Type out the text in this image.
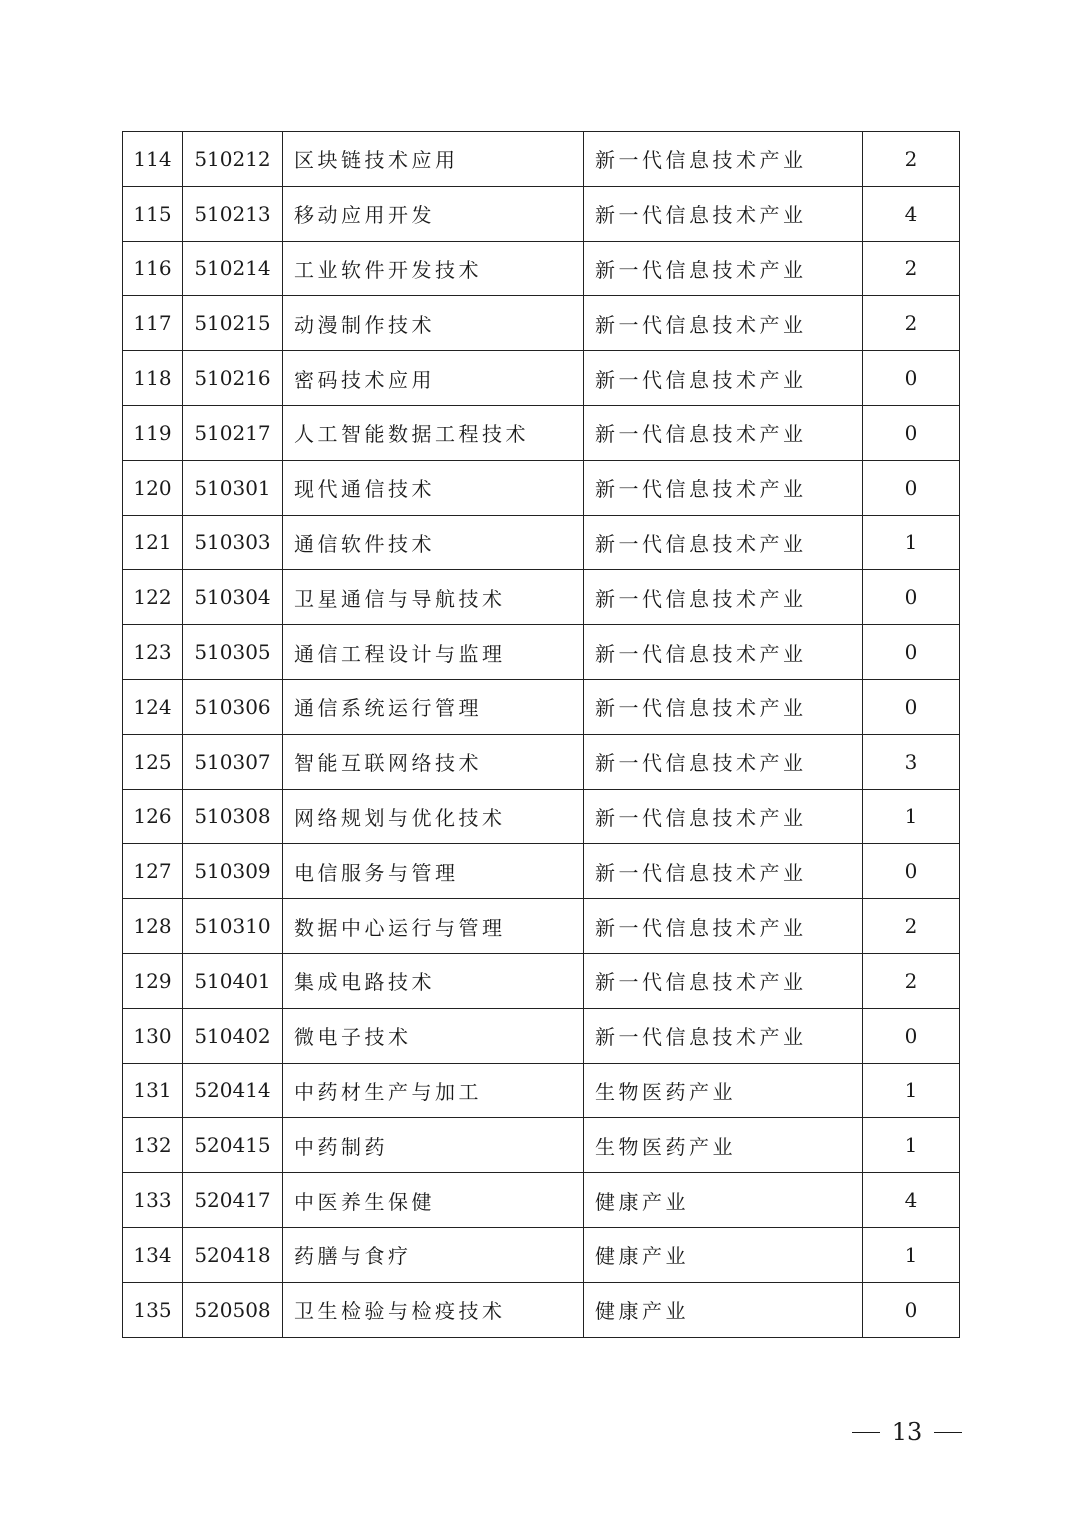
114	510212	区块链技术应用	新一代信息技术产业	2
115	510213	移动应用开发	新一代信息技术产业	4
116	510214	工业软件开发技术	新一代信息技术产业	2
117	510215	动漫制作技术	新一代信息技术产业	2
118	510216	密码技术应用	新一代信息技术产业	0
119	510217	人工智能数据工程技术	新一代信息技术产业	0
120	510301	现代通信技术	新一代信息技术产业	0
121	510303	通信软件技术	新一代信息技术产业	1
122	510304	卫星通信与导航技术	新一代信息技术产业	0
123	510305	通信工程设计与监理	新一代信息技术产业	0
124	510306	通信系统运行管理	新一代信息技术产业	0
125	510307	智能互联网络技术	新一代信息技术产业	3
126	510308	网络规划与优化技术	新一代信息技术产业	1
127	510309	电信服务与管理	新一代信息技术产业	0
128	510310	数据中心运行与管理	新一代信息技术产业	2
129	510401	集成电路技术	新一代信息技术产业	2
130	510402	微电子技术	新一代信息技术产业	0
131	520414	中药材生产与加工	生物医药产业	1
132	520415	中药制药	生物医药产业	1
133	520417	中医养生保健	健康产业	4
134	520418	药膳与食疗	健康产业	1
135	520508	卫生检验与检疫技术	健康产业	0
13
